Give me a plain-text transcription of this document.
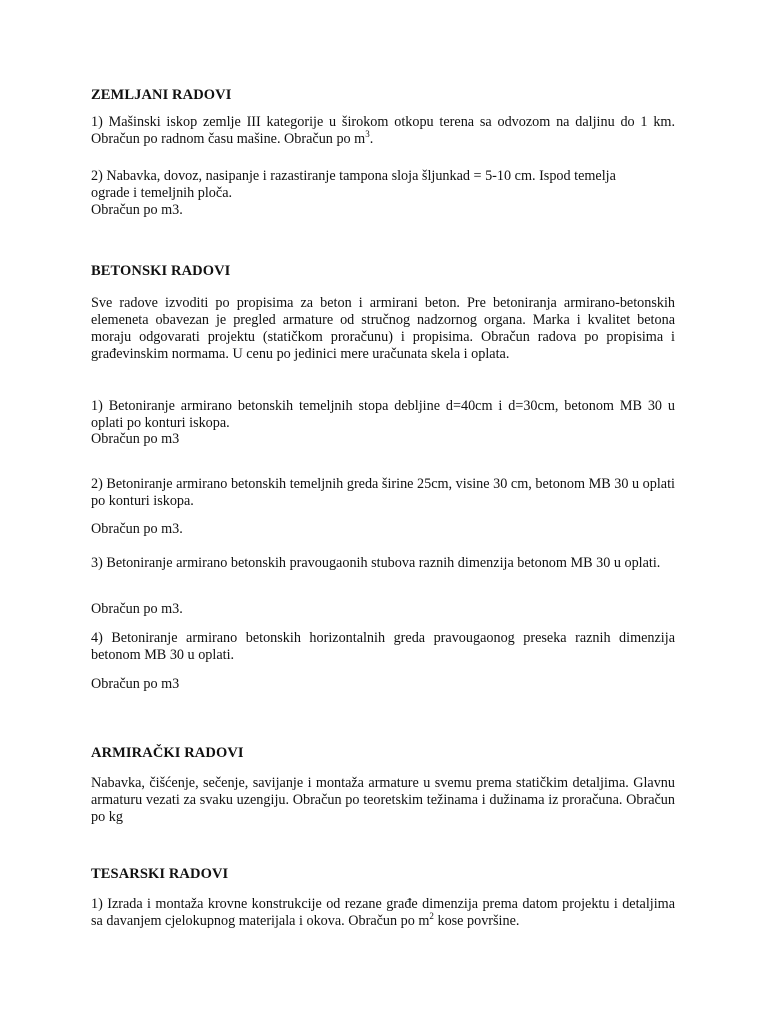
ZEMLJANI RADOVI

1) Mašinski iskop zemlje III kategorije u širokom otkopu terena sa odvozom na daljinu do 1 km. Obračun po radnom času mašine. Obračun po $m^3$.

2) Nabavka, dovoz, nasipanje i razastiranje tampona sloja šljunkad = 5-10 cm. Ispod temelja
ograde i temeljnih ploča.
Obračun po m3.
BETONSKI RADOVI

Sve radove izvoditi po propisima za beton i armirani beton. Pre betoniranja armirano-betonskih elemeneta obavezan je pregled armature od stručnog nadzornog organa. Marka i kvalitet betona moraju odgovarati projektu (statičkom proračunu) i propisima. Obračun radova po propisima i građevinskim normama. U cenu po jedinici mere uračunata skela i oplata.

1) Betoniranje armirano betonskih temeljnih stopa debljine d=40cm i d=30cm, betonom MB 30 u oplati po konturi iskopa.

Obračun po m3

2) Betoniranje armirano betonskih temeljnih greda širine 25cm, visine 30 cm, betonom MB 30 u oplati po konturi iskopa.

Obračun po m3.

3) Betoniranje armirano betonskih pravougaonih stubova raznih dimenzija betonom MB 30 u oplati.

Obračun po m3.

4) Betoniranje armirano betonskih horizontalnih greda pravougaonog preseka raznih dimenzija betonom MB 30 u oplati.

Obračun po m3
ARMIRAČKI RADOVI

Nabavka, čišćenje, sečenje, savijanje i montaža armature u svemu prema statičkim detaljima. Glavnu armaturu vezati za svaku uzengiju. Obračun po teoretskim težinama i dužinama iz proračuna. Obračun po kg

TESARSKI RADOVI

1) Izrada i montaža krovne konstrukcije od rezane građe dimenzija prema datom projektu i detaljima sa davanjem cjelokupnog materijala i okova. Obračun po $m^2$ kose površine.
